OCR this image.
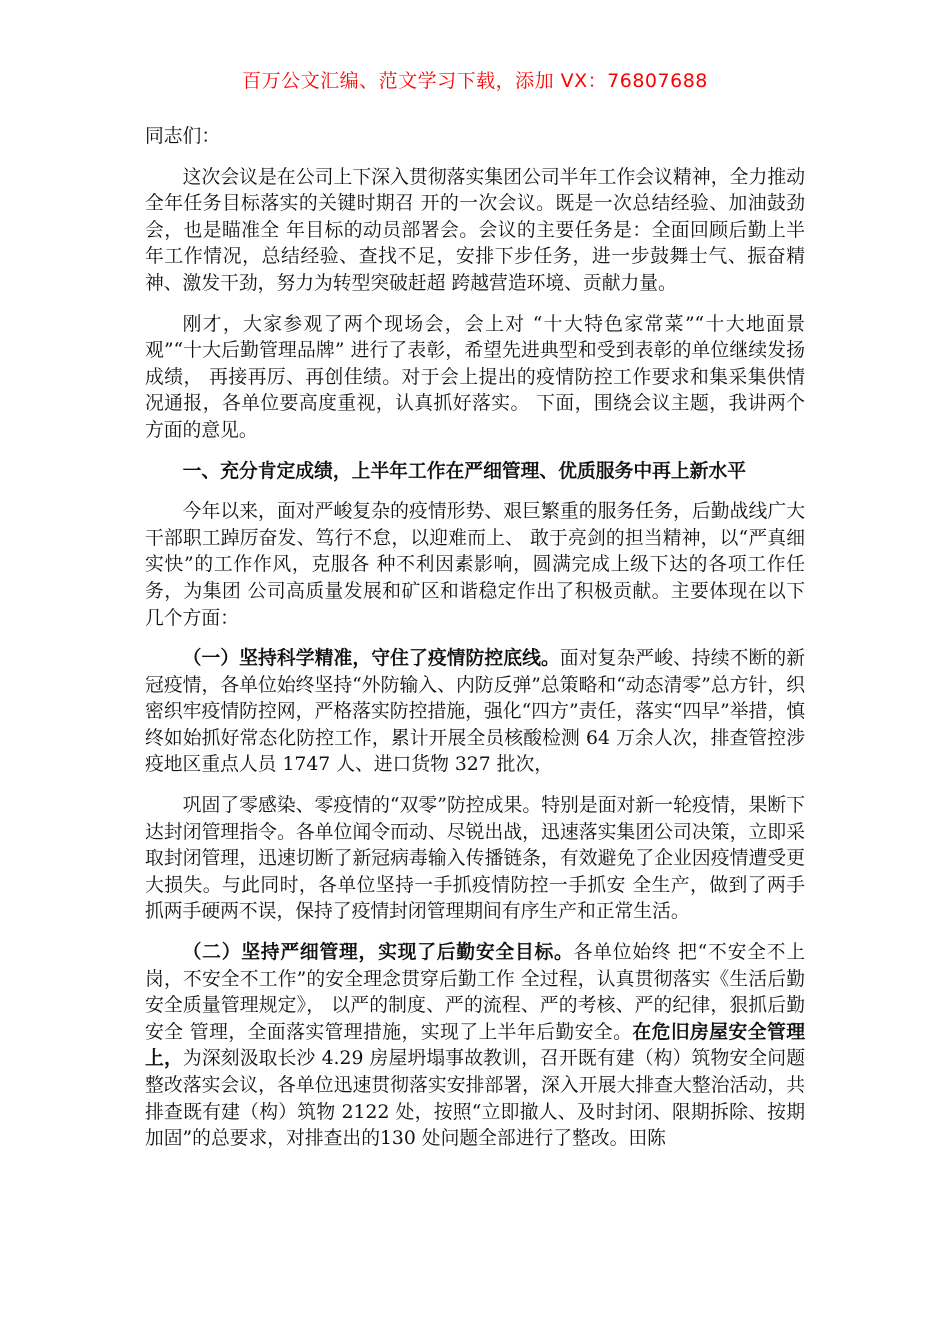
百万公文汇编、范文学习下载，添加 VX：76807688

同志们：

这次会议是在公司上下深入贯彻落实集团公司半年工作会议精神，全力推动全年任务目标落实的关键时期召 开的一次会议。既是一次总结经验、加油鼓劲会，也是瞄准全 年目标的动员部署会。会议的主要任务是：全面回顾后勤上半年工作情况，总结经验、查找不足，安排下步任务，进一步鼓舞士气、振奋精神、激发干劲，努力为转型突破赶超 跨越营造环境、贡献力量。

刚才，大家参观了两个现场会，会上对 “十大特色家常菜”“十大地面景观”“十大后勤管理品牌” 进行了表彰，希望先进典型和受到表彰的单位继续发扬成绩， 再接再厉、再创佳绩。对于会上提出的疫情防控工作要求和集采集供情况通报，各单位要高度重视，认真抓好落实。 下面，围绕会议主题，我讲两个方面的意见。

一、充分肯定成绩，上半年工作在严细管理、优质服务中再上新水平

今年以来，面对严峻复杂的疫情形势、艰巨繁重的服务任务，后勤战线广大干部职工踔厉奋发、笃行不怠，以迎难而上、 敢于亮剑的担当精神，以“严真细实快”的工作作风，克服各 种不利因素影响，圆满完成上级下达的各项工作任务，为集团 公司高质量发展和矿区和谐稳定作出了积极贡献。主要体现在以下几个方面：

（一）坚持科学精准，守住了疫情防控底线。面对复杂严峻、持续不断的新冠疫情，各单位始终坚持“外防输入、内防反弹”总策略和“动态清零”总方针，织密织牢疫情防控网，严格落实防控措施，强化“四方”责任，落实“四早”举措，慎终如始抓好常态化防控工作，累计开展全员核酸检测 64 万余人次，排查管控涉疫地区重点人员 1747 人、进口货物 327 批次，

巩固了零感染、零疫情的“双零”防控成果。特别是面对新一轮疫情，果断下达封闭管理指令。各单位闻令而动、尽锐出战，迅速落实集团公司决策，立即采取封闭管理，迅速切断了新冠病毒输入传播链条，有效避免了企业因疫情遭受更大损失。与此同时，各单位坚持一手抓疫情防控一手抓安 全生产，做到了两手抓两手硬两不误，保持了疫情封闭管理期间有序生产和正常生活。

（二）坚持严细管理，实现了后勤安全目标。各单位始终 把“不安全不上岗，不安全不工作”的安全理念贯穿后勤工作 全过程，认真贯彻落实《生活后勤安全质量管理规定》， 以严的制度、严的流程、严的考核、严的纪律，狠抓后勤安全 管理，全面落实管理措施，实现了上半年后勤安全。在危旧房屋安全管理上，为深刻汲取长沙 4.29 房屋坍塌事故教训，召开既有建（构）筑物安全问题整改落实会议，各单位迅速贯彻落实安排部署，深入开展大排查大整治活动，共排查既有建（构）筑物 2122 处，按照“立即撤人、及时封闭、限期拆除、按期加固”的总要求，对排查出的130 处问题全部进行了整改。田陈
